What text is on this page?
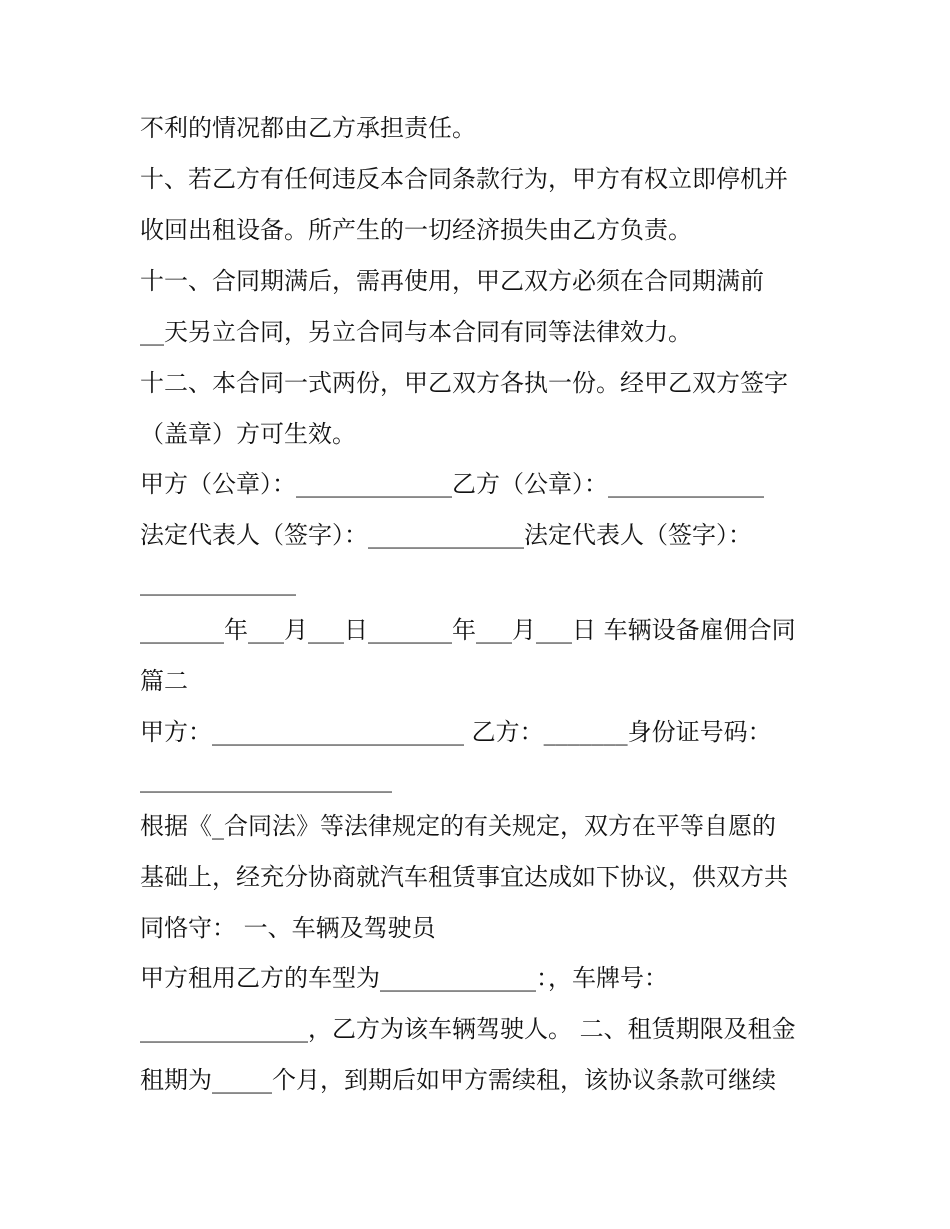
不利的情况都由乙方承担责任。
十、若乙方有任何违反本合同条款行为，甲方有权立即停机并
收回出租设备。所产生的一切经济损失由乙方负责。
十一、合同期满后，需再使用，甲乙双方必须在合同期满前
__天另立合同，另立合同与本合同有同等法律效力。
十二、本合同一式两份，甲乙双方各执一份。经甲乙双方签字
（盖章）方可生效。
甲方（公章）：_____________乙方（公章）：_____________
法定代表人（签字）：_____________法定代表人（签字）：
_____________
_______年___月___日_______年___月___日 车辆设备雇佣合同
篇二
甲方：_____________________ 乙方：_______身份证号码：
_____________________
根据《_合同法》等法律规定的有关规定，双方在平等自愿的
基础上，经充分协商就汽车租赁事宜达成如下协议，供双方共
同恪守： 一、车辆及驾驶员
甲方租用乙方的车型为_____________：，车牌号：
______________，乙方为该车辆驾驶人。 二、租赁期限及租金
租期为_____个月，到期后如甲方需续租，该协议条款可继续
